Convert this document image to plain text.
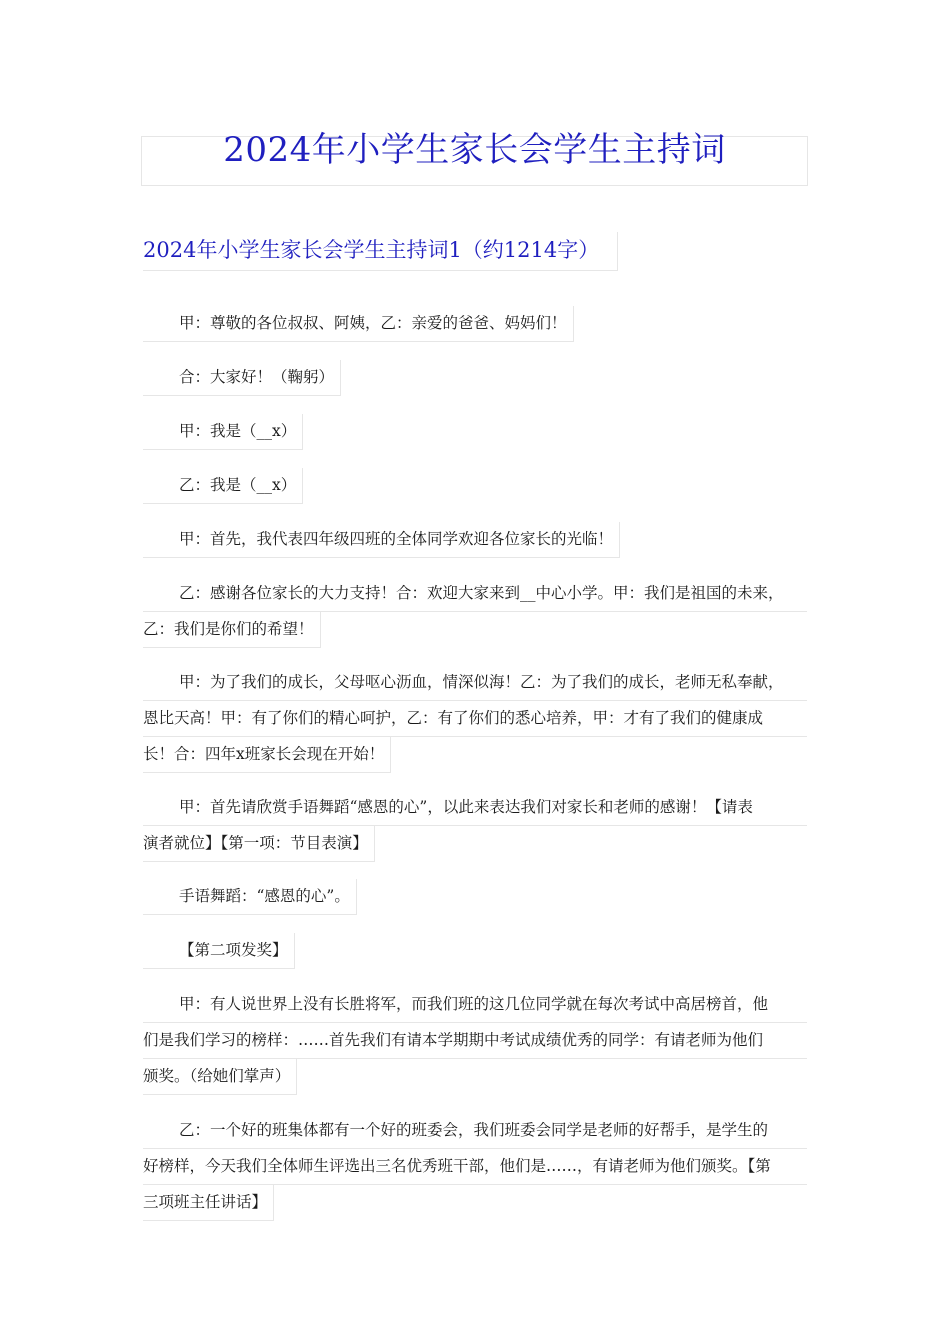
2024年小学生家长会学生主持词
2024年小学生家长会学生主持词1（约1214字）

甲：尊敬的各位叔叔、阿姨，乙：亲爱的爸爸、妈妈们！

合：大家好！（鞠躬）

甲：我是（__x）

乙：我是（__x）

甲：首先，我代表四年级四班的全体同学欢迎各位家长的光临！

乙：感谢各位家长的大力支持！合：欢迎大家来到__中心小学。甲：我们是祖国的未来，
乙：我们是你们的希望！

甲：为了我们的成长，父母呕心沥血，情深似海！乙：为了我们的成长，老师无私奉献，
恩比天高！甲：有了你们的精心呵护，乙：有了你们的悉心培养，甲：才有了我们的健康成
长！合：四年x班家长会现在开始！

甲：首先请欣赏手语舞蹈“感恩的心”，以此来表达我们对家长和老师的感谢！【请表
演者就位】【第一项：节目表演】

手语舞蹈：“感恩的心”。

【第二项发奖】

甲：有人说世界上没有长胜将军，而我们班的这几位同学就在每次考试中高居榜首，他
们是我们学习的榜样：……首先我们有请本学期期中考试成绩优秀的同学：有请老师为他们
颁奖。（给她们掌声）

乙：一个好的班集体都有一个好的班委会，我们班委会同学是老师的好帮手，是学生的
好榜样，今天我们全体师生评选出三名优秀班干部，他们是……，有请老师为他们颁奖。【第
三项班主任讲话】
